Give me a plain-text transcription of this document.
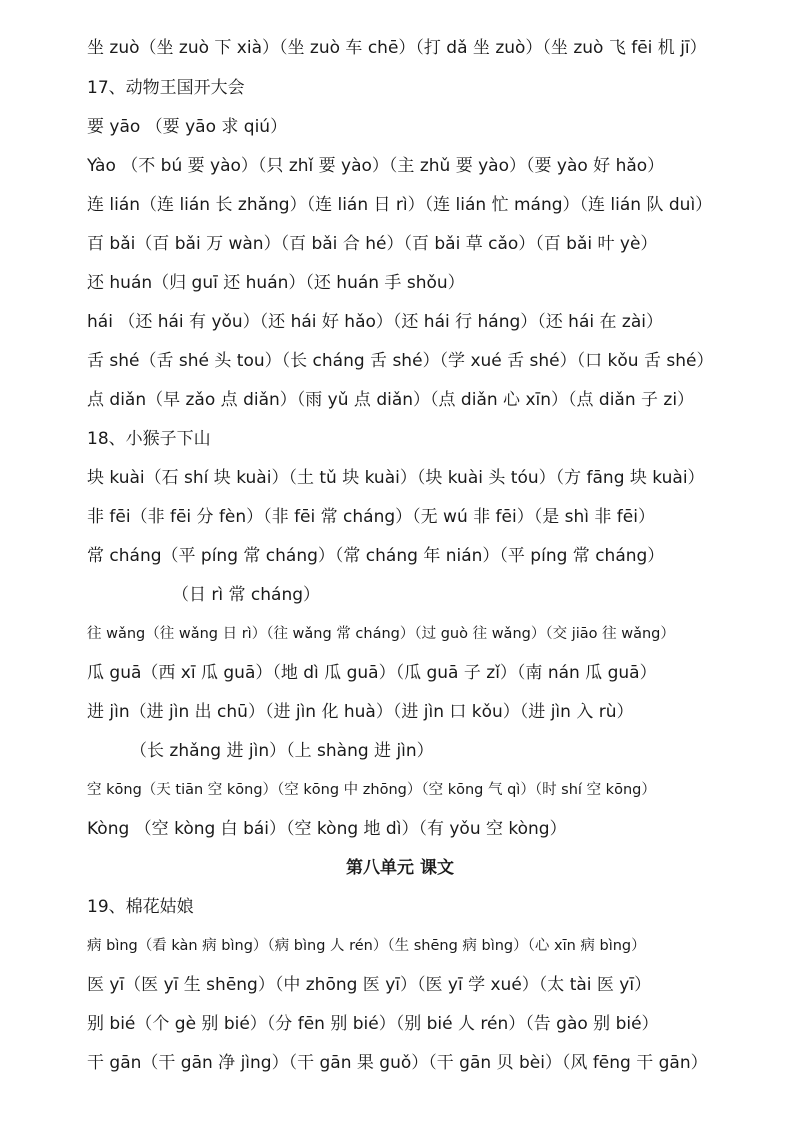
坐 zuò（坐 zuò 下 xià）（坐 zuò 车 chē）（打 dǎ 坐 zuò）（坐 zuò 飞 fēi 机 jī）
17、动物王国开大会
要 yāo （要 yāo 求 qiú）
Yào （不 bú 要 yào）（只 zhǐ 要 yào）（主 zhǔ 要 yào）（要 yào 好 hǎo）
连 lián（连 lián 长 zhǎng）（连 lián 日 rì）（连 lián 忙 máng）（连 lián 队 duì）
百 bǎi（百 bǎi 万 wàn）（百 bǎi 合 hé）（百 bǎi 草 cǎo）（百 bǎi 叶 yè）
还 huán（归 guī 还 huán）（还 huán 手 shǒu）
hái （还 hái 有 yǒu）（还 hái 好 hǎo）（还 hái 行 háng）（还 hái 在 zài）
舌 shé（舌 shé 头 tou）（长 cháng 舌 shé）（学 xué 舌 shé）（口 kǒu 舌 shé）
点 diǎn（早 zǎo 点 diǎn）（雨 yǔ 点 diǎn）（点 diǎn 心 xīn）（点 diǎn 子 zi）
18、小猴子下山
块 kuài（石 shí 块 kuài）（土 tǔ 块 kuài）（块 kuài 头 tóu）（方 fāng 块 kuài）
非 fēi（非 fēi 分 fèn）（非 fēi 常 cháng）（无 wú 非 fēi）（是 shì 非 fēi）
常 cháng（平 píng 常 cháng）（常 cháng 年 nián）（平 píng 常 cháng）
（日 rì 常 cháng）
往 wǎng（往 wǎng 日 rì）（往 wǎng 常 cháng）（过 guò 往 wǎng）（交 jiāo 往 wǎng）
瓜 guā（西 xī 瓜 guā）（地 dì 瓜 guā）（瓜 guā 子 zǐ）（南 nán 瓜 guā）
进 jìn（进 jìn 出 chū）（进 jìn 化 huà）（进 jìn 口 kǒu）（进 jìn 入 rù）
（长 zhǎng 进 jìn）（上 shàng 进 jìn）
空 kōng（天 tiān 空 kōng）（空 kōng 中 zhōng）（空 kōng 气 qì）（时 shí 空 kōng）
Kòng （空 kòng 白 bái）（空 kòng 地 dì）（有 yǒu 空 kòng）
第八单元 课文
19、棉花姑娘
病 bìng（看 kàn 病 bìng）（病 bìng 人 rén）（生 shēng 病 bìng）（心 xīn 病 bìng）
医 yī（医 yī 生 shēng）（中 zhōng 医 yī）（医 yī 学 xué）（太 tài 医 yī）
别 bié（个 gè 别 bié）（分 fēn 别 bié）（别 bié 人 rén）（告 gào 别 bié）
干 gān（干 gān 净 jìng）（干 gān 果 guǒ）（干 gān 贝 bèi）（风 fēng 干 gān）
